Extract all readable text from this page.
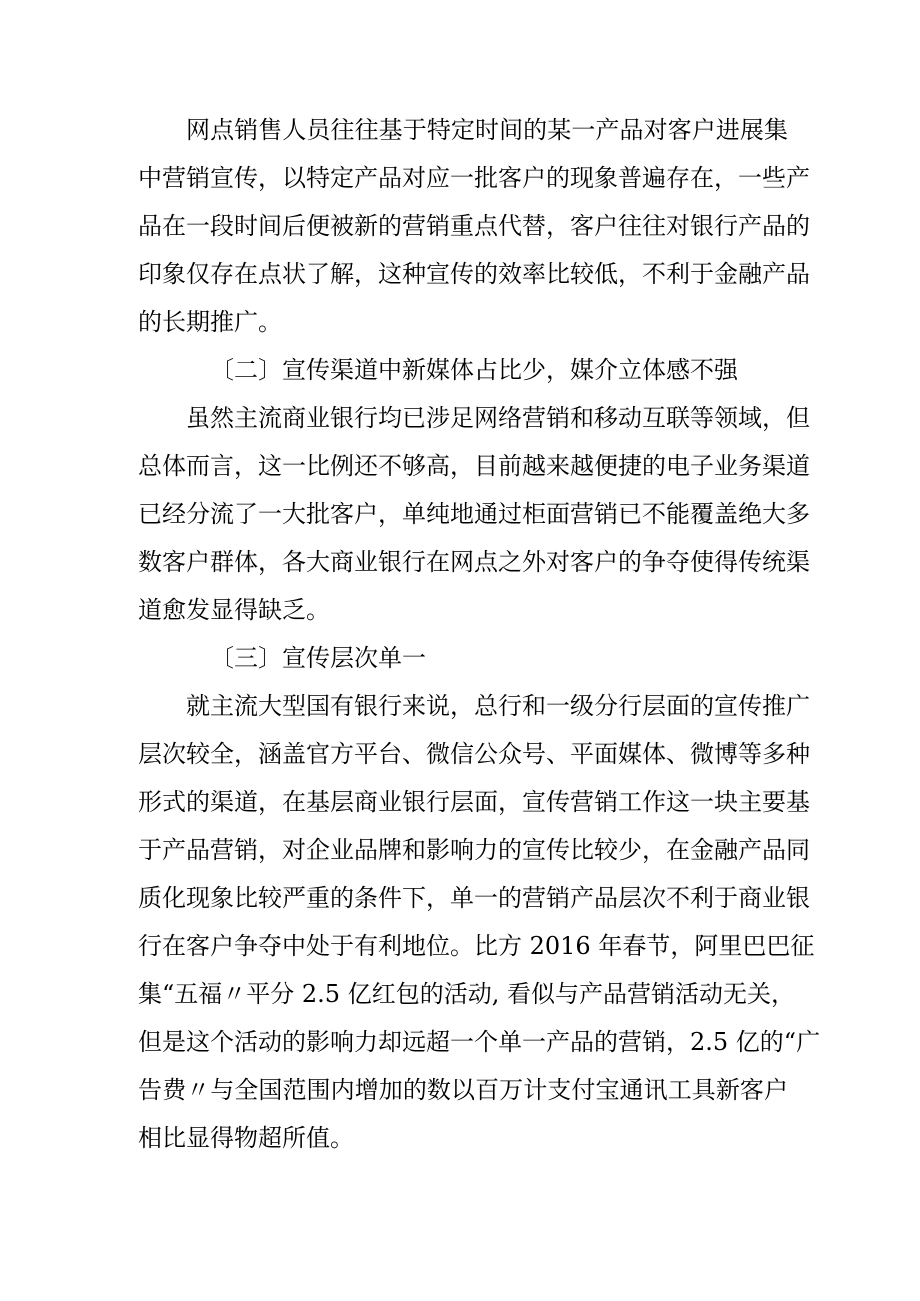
网点销售人员往往基于特定时间的某一产品对客户进展集
中营销宣传，以特定产品对应一批客户的现象普遍存在，一些产
品在一段时间后便被新的营销重点代替，客户往往对银行产品的
印象仅存在点状了解，这种宣传的效率比较低，不利于金融产品
的长期推广。
〔二〕宣传渠道中新媒体占比少，媒介立体感不强
虽然主流商业银行均已涉足网络营销和移动互联等领域，但
总体而言，这一比例还不够高，目前越来越便捷的电子业务渠道
已经分流了一大批客户，单纯地通过柜面营销已不能覆盖绝大多
数客户群体，各大商业银行在网点之外对客户的争夺使得传统渠
道愈发显得缺乏。
〔三〕宣传层次单一
就主流大型国有银行来说，总行和一级分行层面的宣传推广
层次较全，涵盖官方平台、微信公众号、平面媒体、微博等多种
形式的渠道，在基层商业银行层面，宣传营销工作这一块主要基
于产品营销，对企业品牌和影响力的宣传比较少，在金融产品同
质化现象比较严重的条件下，单一的营销产品层次不利于商业银
行在客户争夺中处于有利地位。比方 2016 年春节，阿里巴巴征
集“五福〃平分 2.5 亿红包的活动, 看似与产品营销活动无关，
但是这个活动的影响力却远超一个单一产品的营销，2.5 亿的“广
告费〃与全国范围内增加的数以百万计支付宝通讯工具新客户
相比显得物超所值。
